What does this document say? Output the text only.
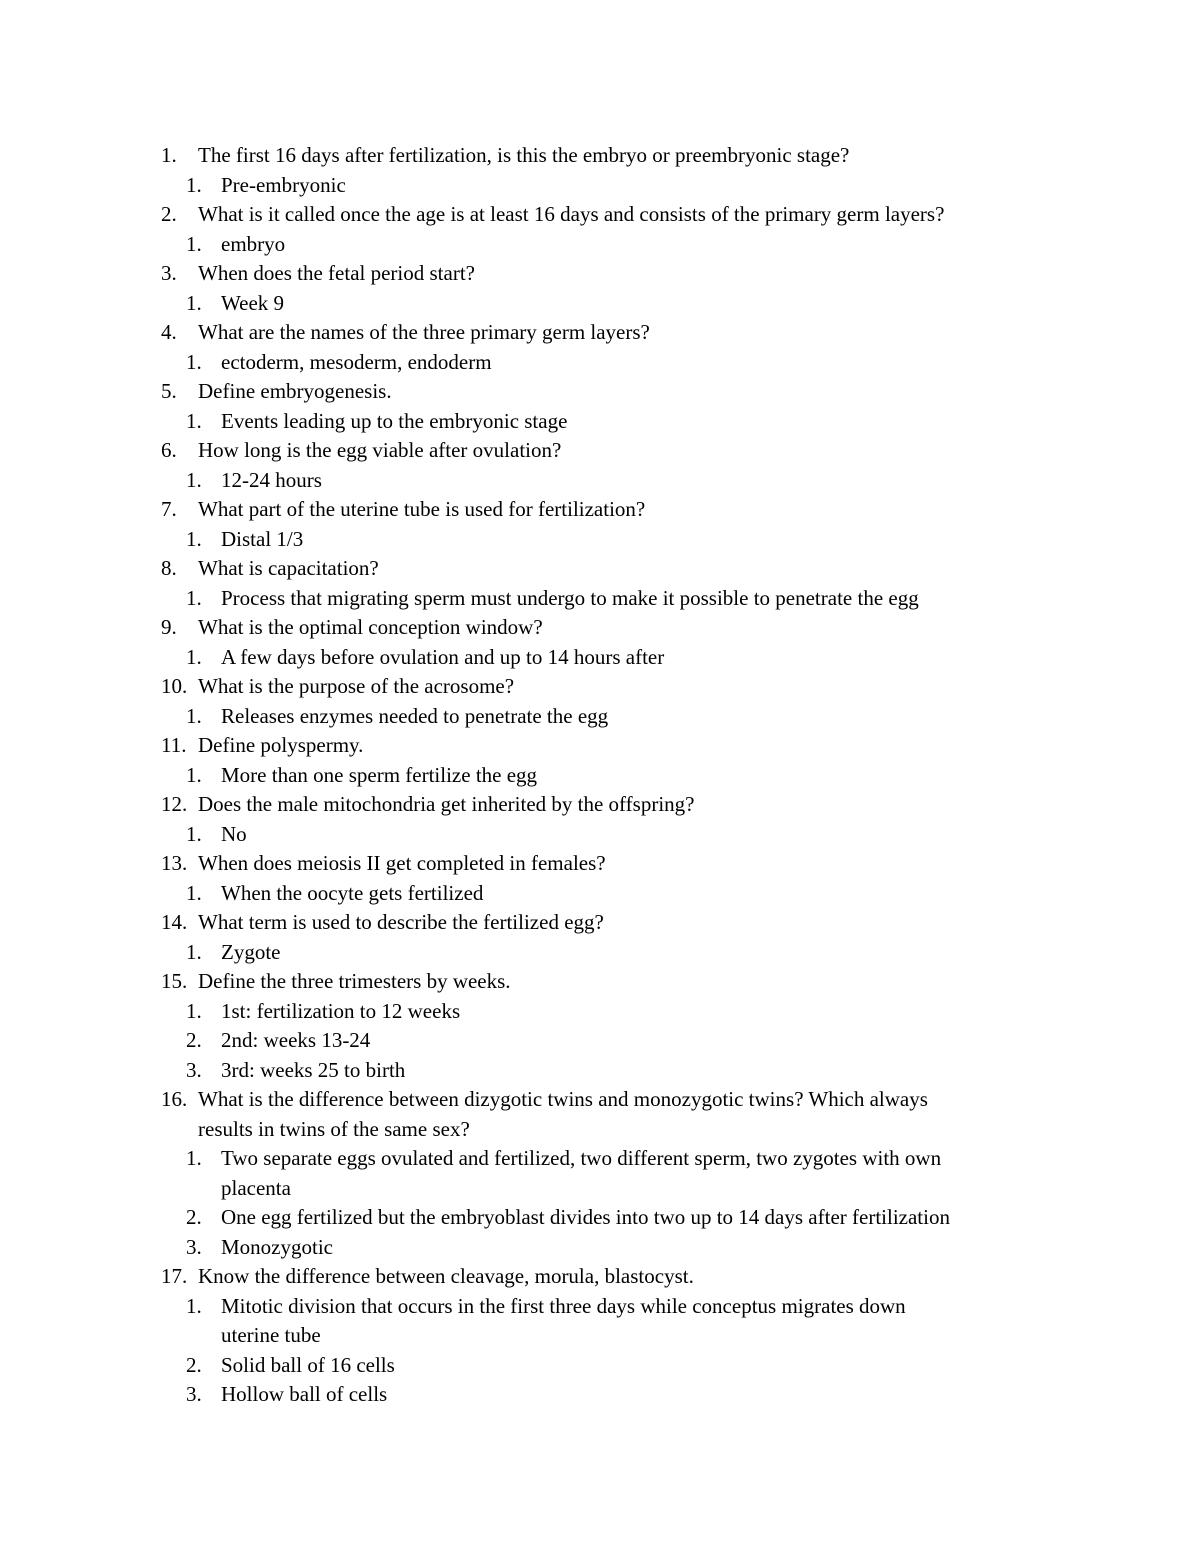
1. The first 16 days after fertilization, is this the embryo or preembryonic stage?
1. Pre-embryonic
2. What is it called once the age is at least 16 days and consists of the primary germ layers?
1. embryo
3. When does the fetal period start?
1. Week 9
4. What are the names of the three primary germ layers?
1. ectoderm, mesoderm, endoderm
5. Define embryogenesis.
1. Events leading up to the embryonic stage
6. How long is the egg viable after ovulation?
1. 12-24 hours
7. What part of the uterine tube is used for fertilization?
1. Distal 1/3
8. What is capacitation?
1. Process that migrating sperm must undergo to make it possible to penetrate the egg
9. What is the optimal conception window?
1. A few days before ovulation and up to 14 hours after
10. What is the purpose of the acrosome?
1. Releases enzymes needed to penetrate the egg
11. Define polyspermy.
1. More than one sperm fertilize the egg
12. Does the male mitochondria get inherited by the offspring?
1. No
13. When does meiosis II get completed in females?
1. When the oocyte gets fertilized
14. What term is used to describe the fertilized egg?
1. Zygote
15. Define the three trimesters by weeks.
1. 1st: fertilization to 12 weeks
2. 2nd: weeks 13-24
3. 3rd: weeks 25 to birth
16. What is the difference between dizygotic twins and monozygotic twins? Which always
results in twins of the same sex?
1. Two separate eggs ovulated and fertilized, two different sperm, two zygotes with own
placenta
2. One egg fertilized but the embryoblast divides into two up to 14 days after fertilization
3. Monozygotic
17. Know the difference between cleavage, morula, blastocyst.
1. Mitotic division that occurs in the first three days while conceptus migrates down
uterine tube
2. Solid ball of 16 cells
3. Hollow ball of cells
